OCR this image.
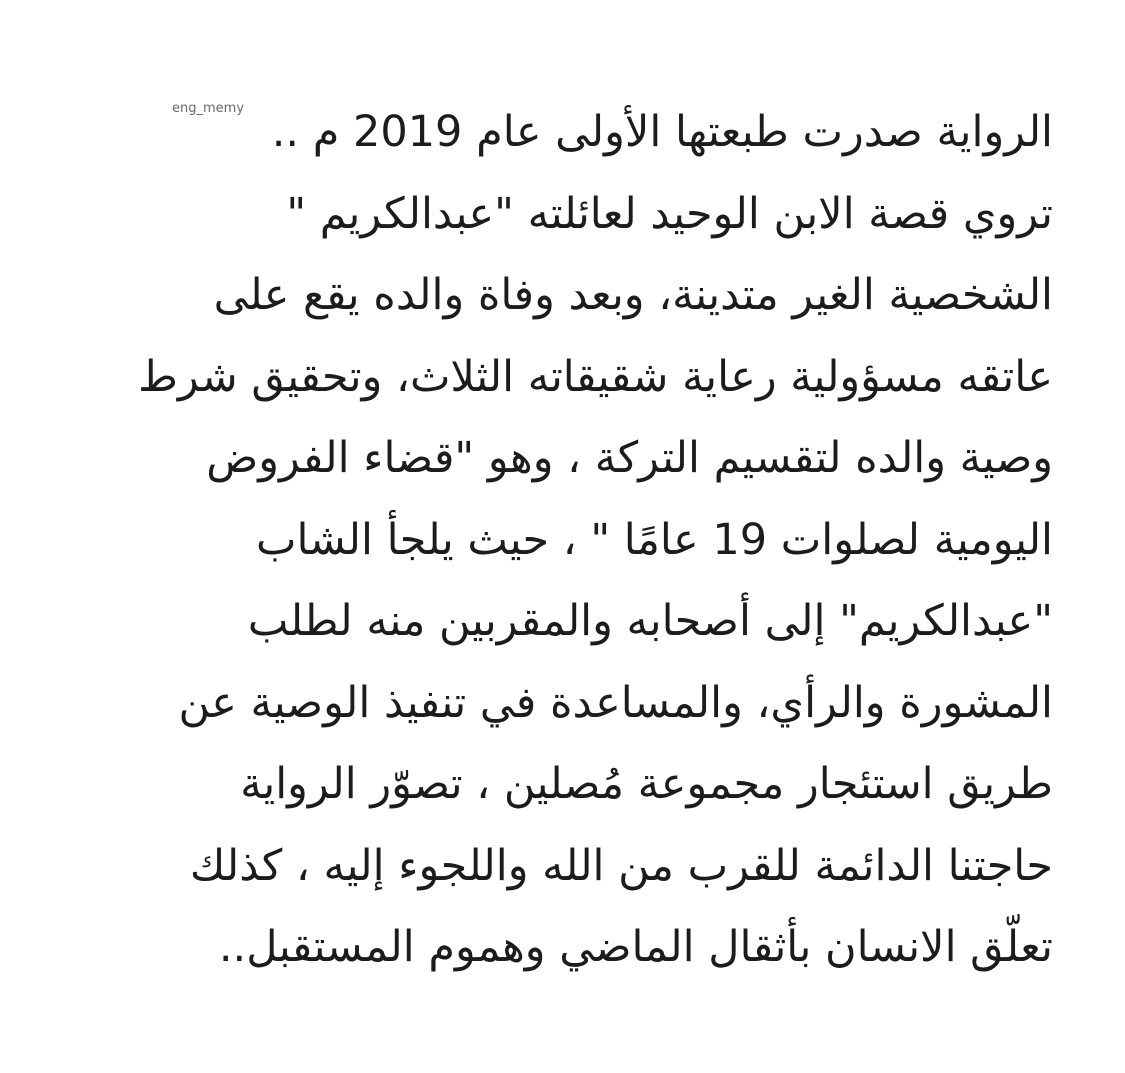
eng_memy الرواية صدرت طبعتها الأولى عام 2019 م ..
تروي قصة الابن الوحيد لعائلته "عبدالكريم "
الشخصية الغير متدينة، وبعد وفاة والده يقع على
عاتقه مسؤولية رعاية شقيقاته الثلاث، وتحقيق شرط
وصية والده لتقسيم التركة ، وهو "قضاء الفروض
اليومية لصلوات 19 عامًا " ، حيث يلجأ الشاب
"عبدالكريم" إلى أصحابه والمقربين منه لطلب
المشورة والرأي، والمساعدة في تنفيذ الوصية عن
طريق استئجار مجموعة مُصلين ، تصوّر الرواية
حاجتنا الدائمة للقرب من الله واللجوء إليه ، كذلك
تعلّق الانسان بأثقال الماضي وهموم المستقبل..
